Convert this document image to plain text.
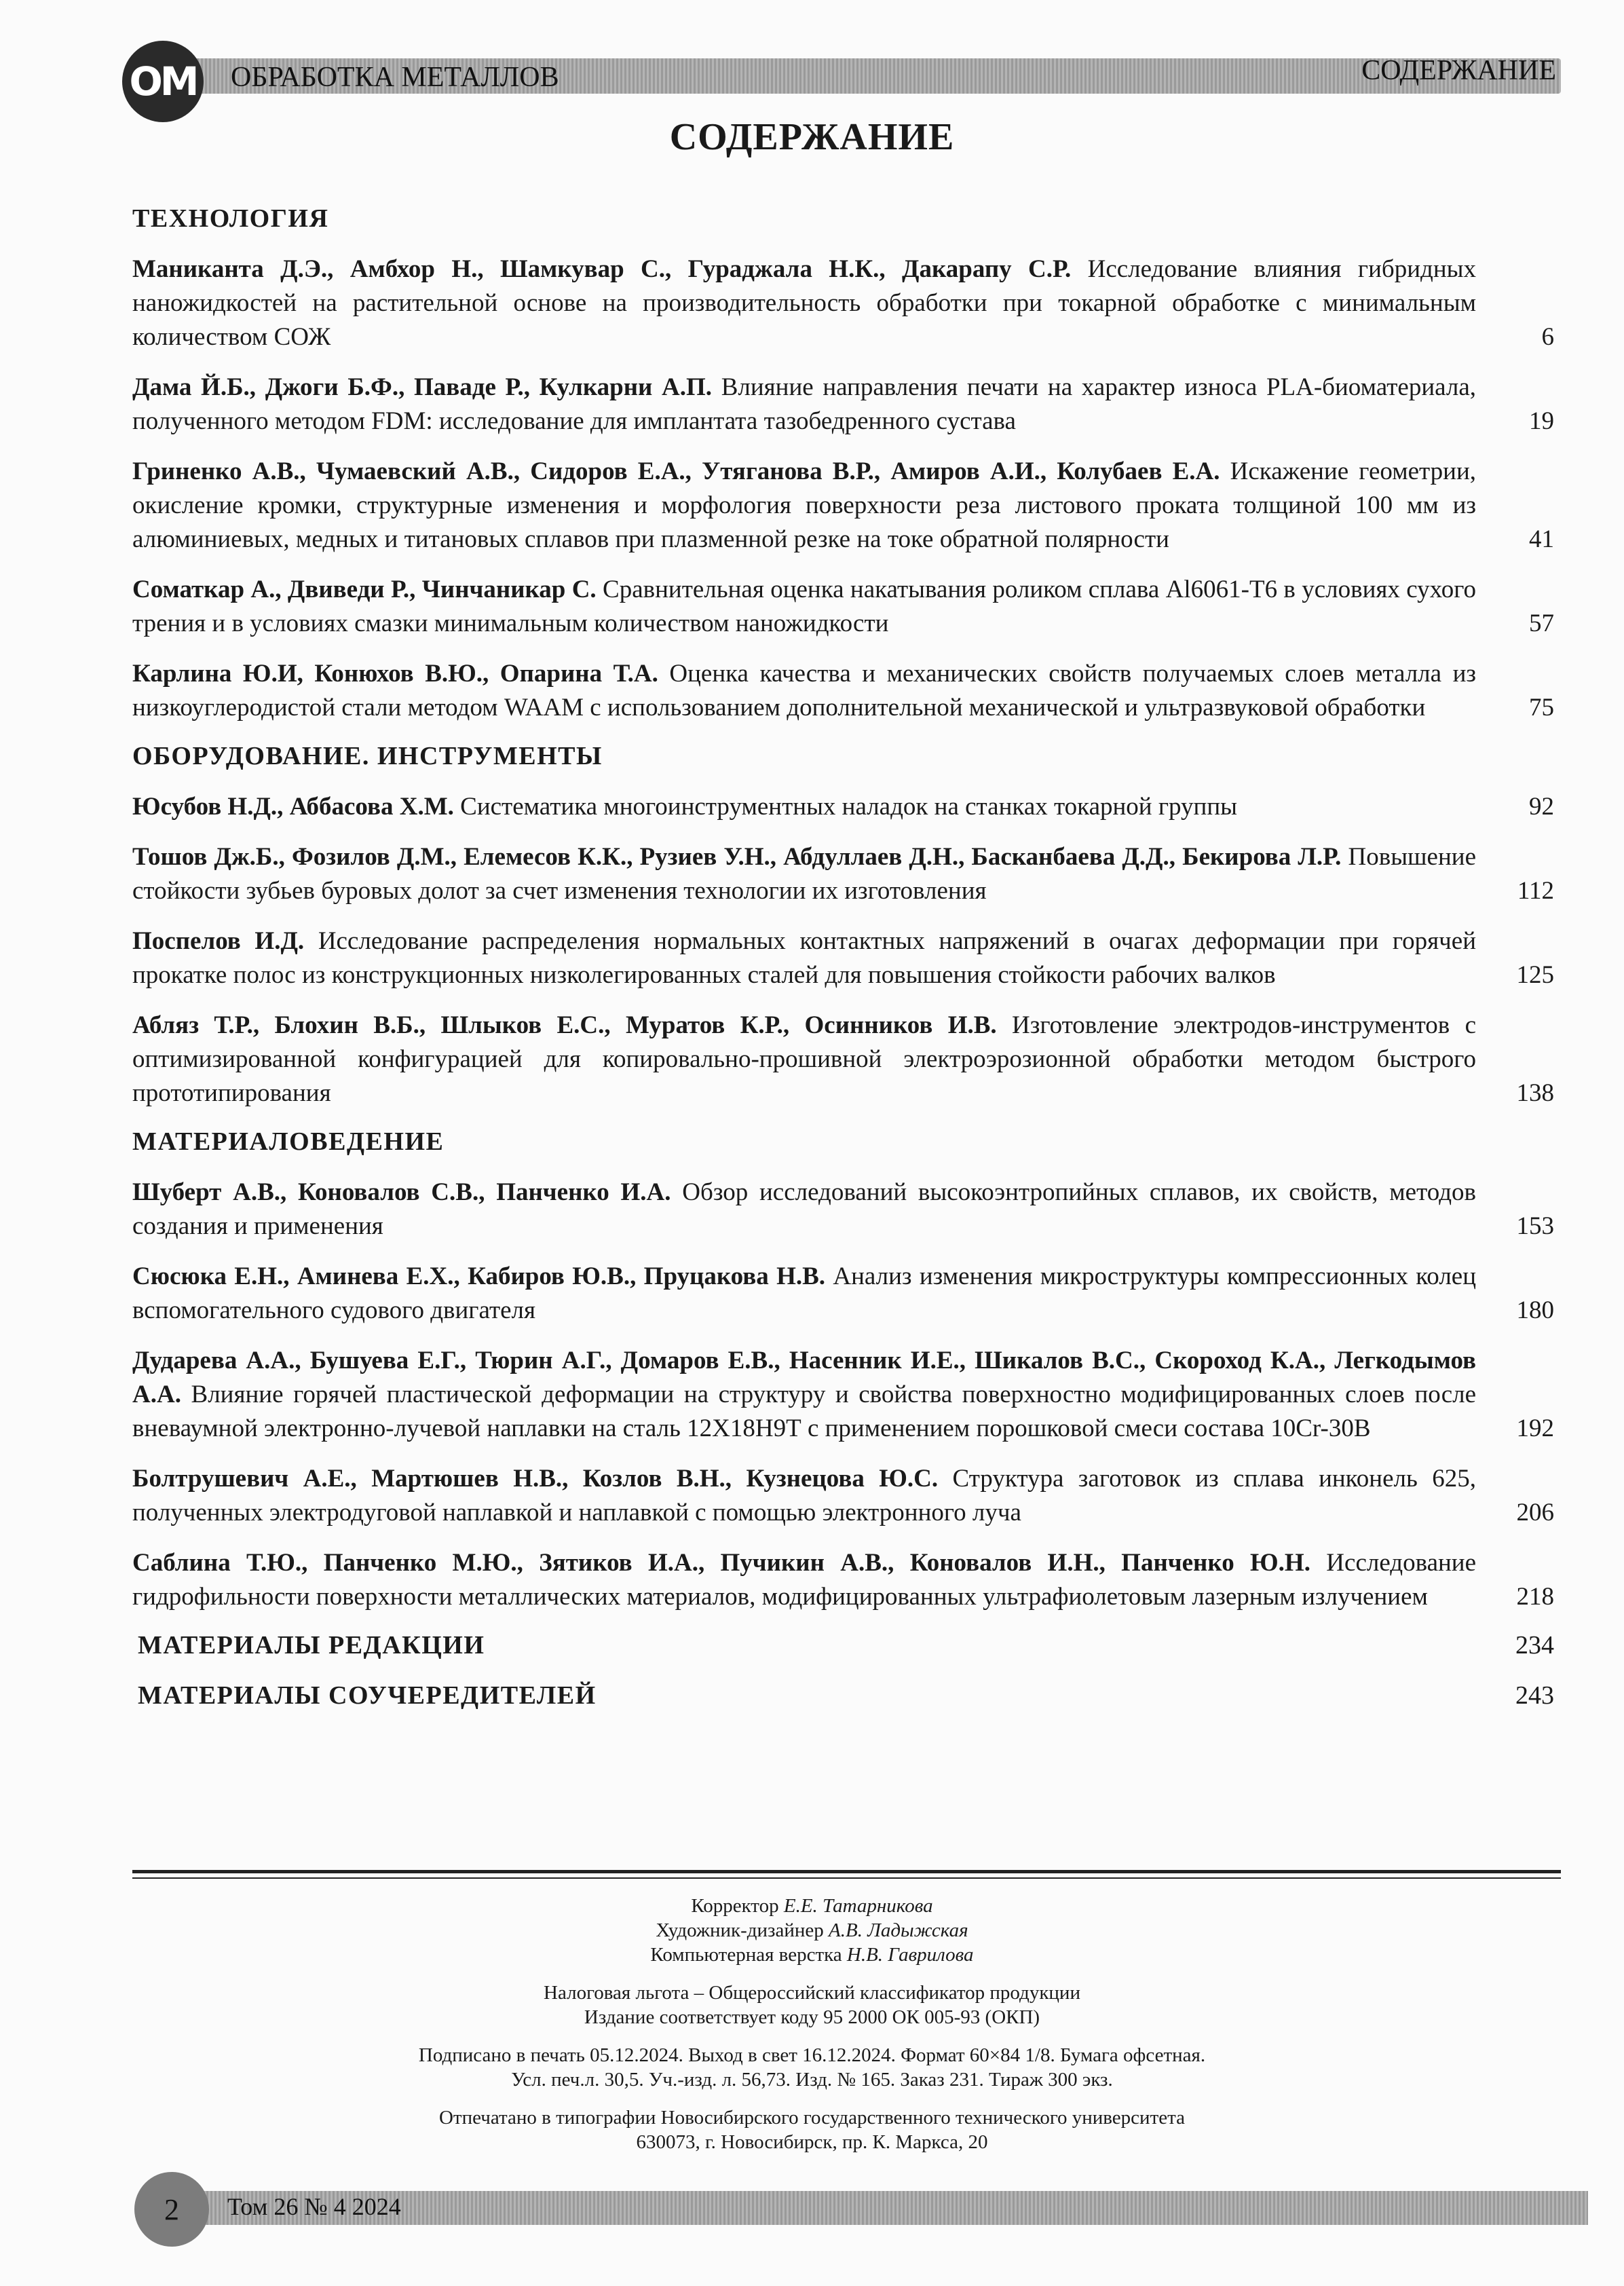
ОМ ОБРАБОТКА МЕТАЛЛОВ	СОДЕРЖАНИЕ
СОДЕРЖАНИЕ
ТЕХНОЛОГИЯ
Маниканта Д.Э., Амбхор Н., Шамкувар С., Гураджала Н.К., Дакарапу С.Р. Исследование влияния гибридных наножидкостей на растительной основе на производительность обработки при токарной обработке с минимальным количеством СОЖ	6
Дама Й.Б., Джоги Б.Ф., Паваде Р., Кулкарни А.П. Влияние направления печати на характер износа PLA-биоматериала, полученного методом FDM: исследование для имплантата тазобедренного сустава	19
Гриненко А.В., Чумаевский А.В., Сидоров Е.А., Утяганова В.Р., Амиров А.И., Колубаев Е.А. Искажение геометрии, окисление кромки, структурные изменения и морфология поверхности реза листового проката толщиной 100 мм из алюминиевых, медных и титановых сплавов при плазменной резке на токе обратной полярности	41
Соматкар А., Двиведи Р., Чинчаникар С. Сравнительная оценка накатывания роликом сплава Al6061-T6 в условиях сухого трения и в условиях смазки минимальным количеством наножидкости	57
Карлина Ю.И, Конюхов В.Ю., Опарина Т.А. Оценка качества и механических свойств получаемых слоев металла из низкоуглеродистой стали методом WAAM с использованием дополнительной механической и ультразвуковой обработки	75
ОБОРУДОВАНИЕ. ИНСТРУМЕНТЫ
Юсубов Н.Д., Аббасова Х.М. Систематика многоинструментных наладок на станках токарной группы	92
Тошов Дж.Б., Фозилов Д.М., Елемесов К.К., Рузиев У.Н., Абдуллаев Д.Н., Басканбаева Д.Д., Бекирова Л.Р. Повышение стойкости зубьев буровых долот за счет изменения технологии их изготовления	112
Поспелов И.Д. Исследование распределения нормальных контактных напряжений в очагах деформации при горячей прокатке полос из конструкционных низколегированных сталей для повышения стойкости рабочих валков	125
Абляз Т.Р., Блохин В.Б., Шлыков Е.С., Муратов К.Р., Осинников И.В. Изготовление электродов-инструментов с оптимизированной конфигурацией для копировально-прошивной электроэрозионной обработки методом быстрого прототипирования	138
МАТЕРИАЛОВЕДЕНИЕ
Шуберт А.В., Коновалов С.В., Панченко И.А. Обзор исследований высокоэнтропийных сплавов, их свойств, методов создания и применения	153
Сюсюка Е.Н., Аминева Е.Х., Кабиров Ю.В., Пруцакова Н.В. Анализ изменения микроструктуры компрессионных колец вспомогательного судового двигателя	180
Дударева А.А., Бушуева Е.Г., Тюрин А.Г., Домаров Е.В., Насенник И.Е., Шикалов В.С., Скороход К.А., Легкодымов А.А. Влияние горячей пластической деформации на структуру и свойства поверхностно модифицированных слоев после вневаумной электронно-лучевой наплавки на сталь 12Х18Н9Т с применением порошковой смеси состава 10Cr-30B	192
Болтрушевич А.Е., Мартюшев Н.В., Козлов В.Н., Кузнецова Ю.С. Структура заготовок из сплава инконель 625, полученных электродуговой наплавкой и наплавкой с помощью электронного луча	206
Саблина Т.Ю., Панченко М.Ю., Зятиков И.А., Пучикин А.В., Коновалов И.Н., Панченко Ю.Н. Исследование гидрофильности поверхности металлических материалов, модифицированных ультрафиолетовым лазерным излучением	218
МАТЕРИАЛЫ РЕДАКЦИИ	234
МАТЕРИАЛЫ СОУЧЕРЕДИТЕЛЕЙ	243
Корректор Е.Е. Татарникова
Художник-дизайнер А.В. Ладыжская
Компьютерная верстка Н.В. Гаврилова
Налоговая льгота – Общероссийский классификатор продукции
Издание соответствует коду 95 2000 ОК 005-93 (ОКП)
Подписано в печать 05.12.2024. Выход в свет 16.12.2024. Формат 60×84 1/8. Бумага офсетная.
Усл. печ.л. 30,5. Уч.-изд. л. 56,73. Изд. № 165. Заказ 231. Тираж 300 экз.
Отпечатано в типографии Новосибирского государственного технического университета
630073, г. Новосибирск, пр. К. Маркса, 20
2	Том 26 № 4 2024
